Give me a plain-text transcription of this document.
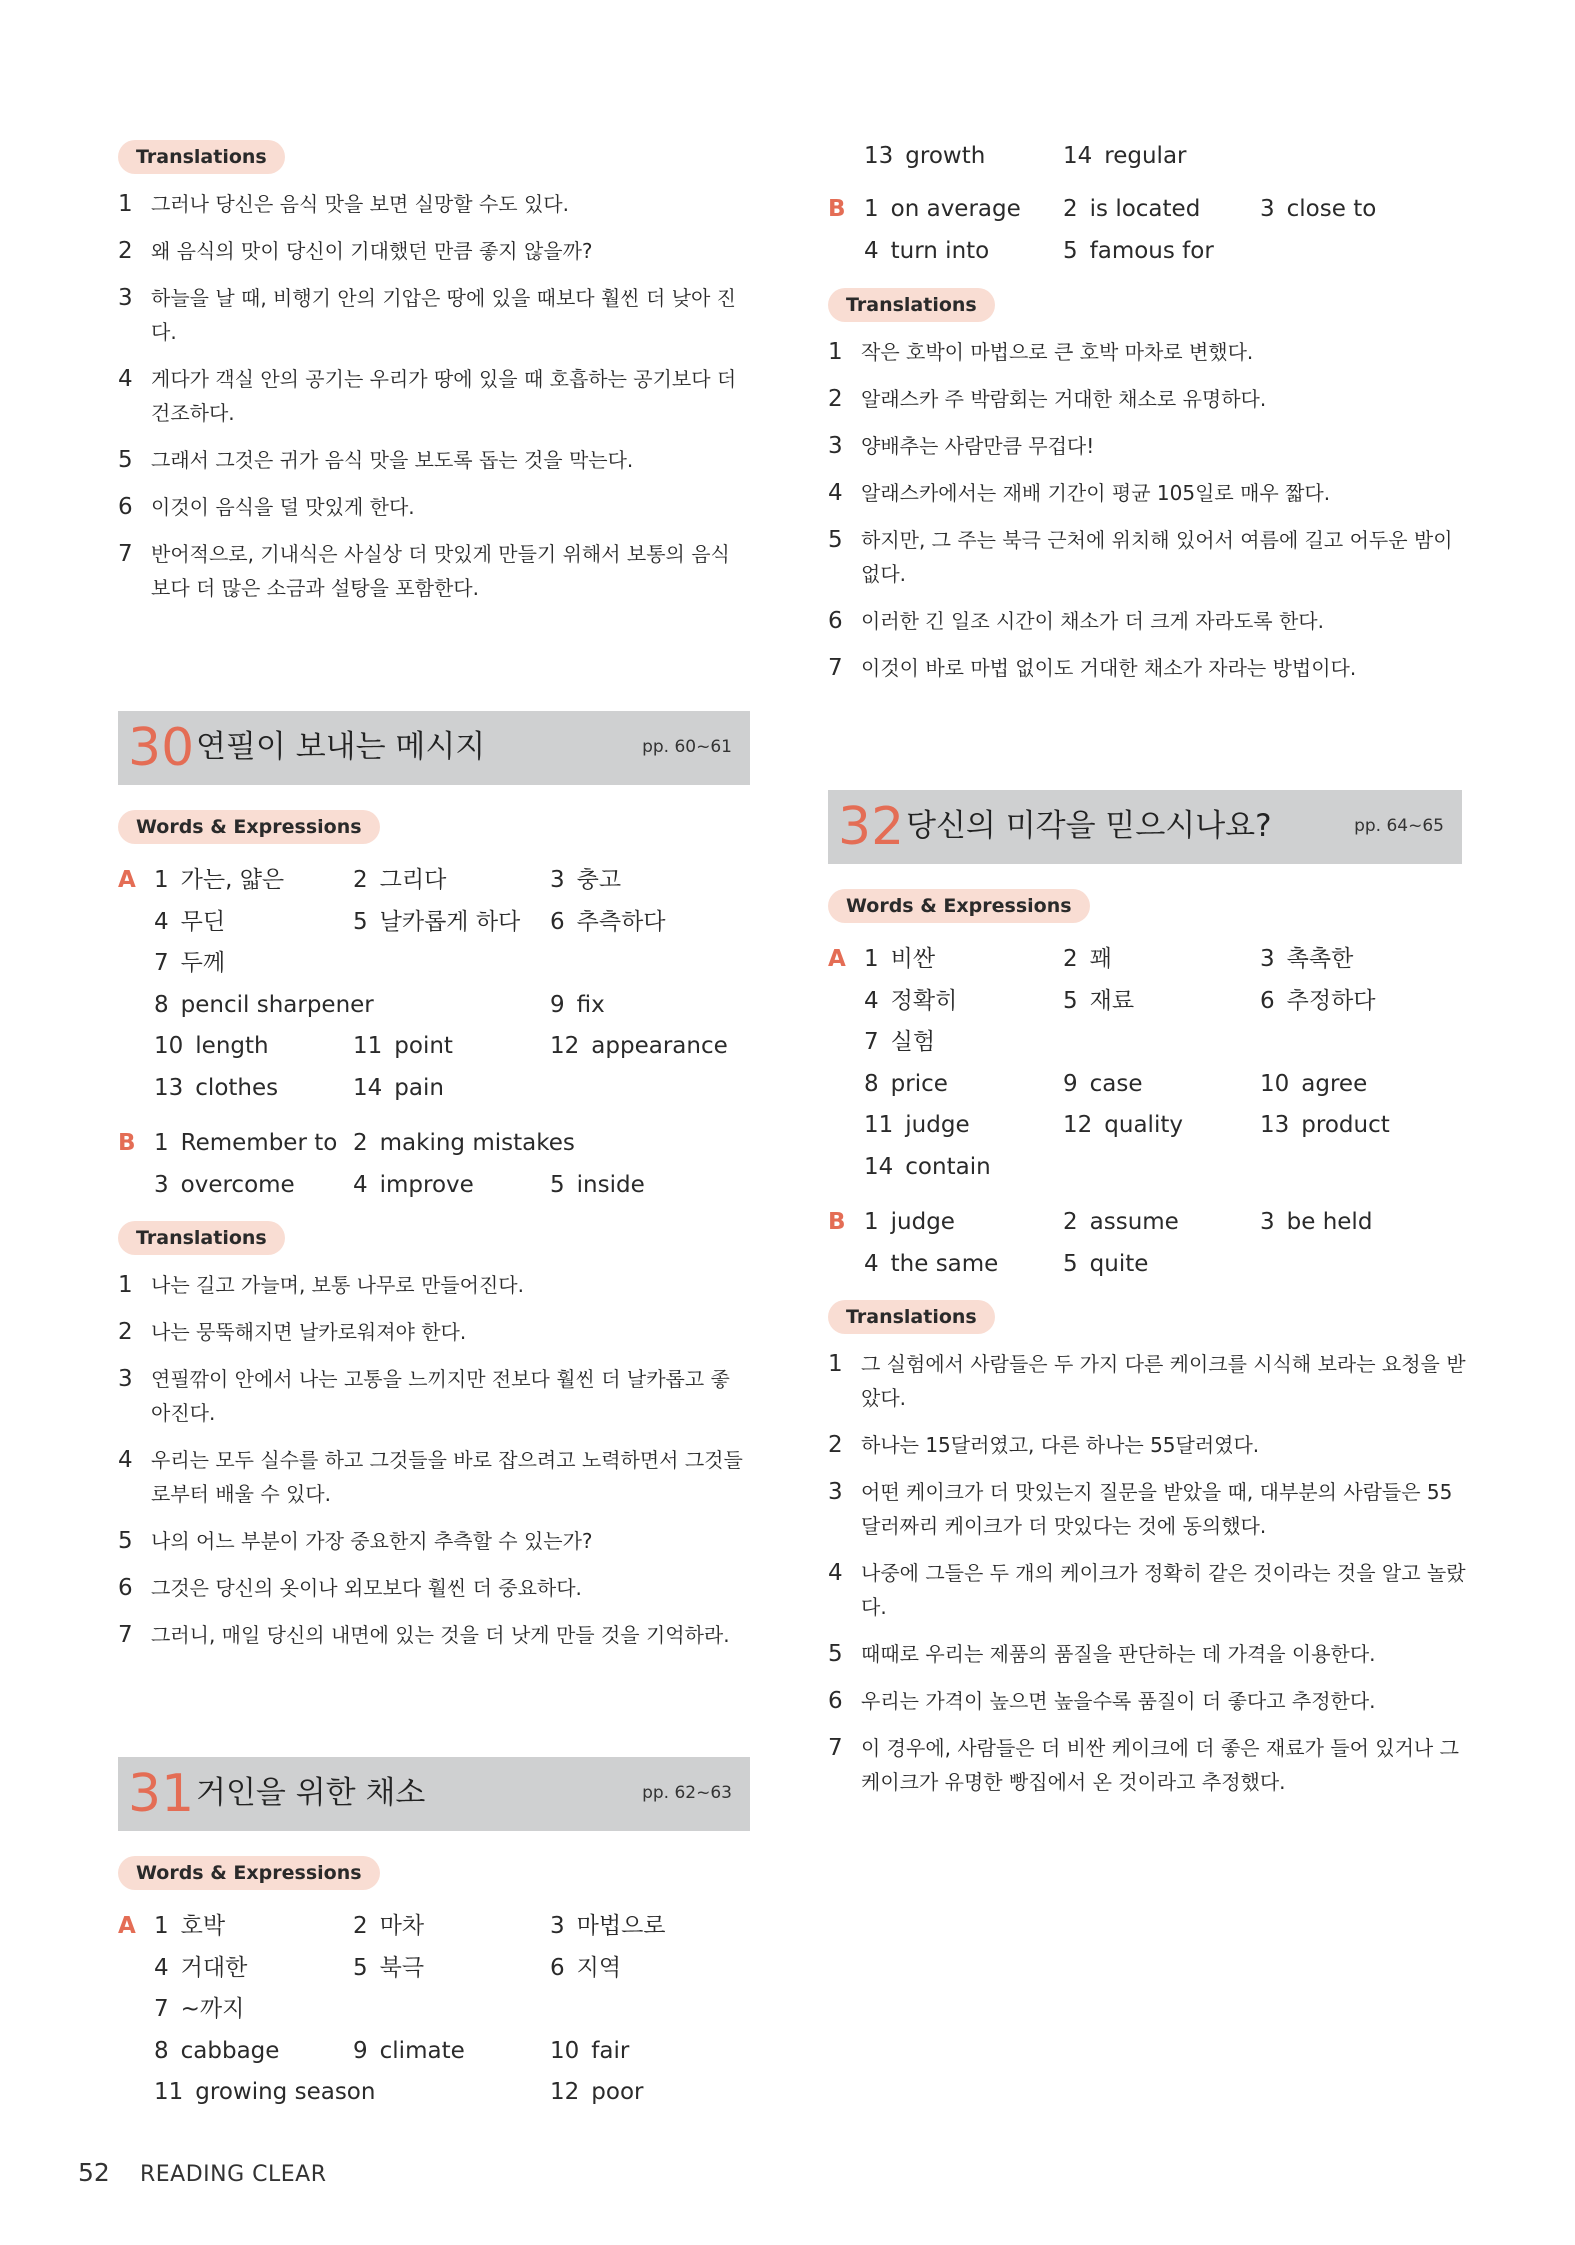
Translations
1 그러나 당신은 음식 맛을 보면 실망할 수도 있다.
2 왜 음식의 맛이 당신이 기대했던 만큼 좋지 않을까?
3 하늘을 날 때, 비행기 안의 기압은 땅에 있을 때보다 훨씬 더 낮아 진다.
4 게다가 객실 안의 공기는 우리가 땅에 있을 때 호흡하는 공기보다 더 건조하다.
5 그래서 그것은 귀가 음식 맛을 보도록 돕는 것을 막는다.
6 이것이 음식을 덜 맛있게 한다.
7 반어적으로, 기내식은 사실상 더 맛있게 만들기 위해서 보통의 음식보다 더 많은 소금과 설탕을 포함한다.
30 연필이 보내는 메시지	pp. 60~61
Words & Expressions
A 1 가는, 얇은	2 그리다	3 충고
4 무딘	5 날카롭게 하다 6 추측하다
7 두께
8 pencil sharpener	9 fix
10 length	11 point	12 appearance
13 clothes	14 pain
B 1 Remember to 2 making mistakes
3 overcome	4 improve	5 inside
Translations
1 나는 길고 가늘며, 보통 나무로 만들어진다.
2 나는 뭉뚝해지면 날카로워져야 한다.
3 연필깎이 안에서 나는 고통을 느끼지만 전보다 훨씬 더 날카롭고 좋아진다.
4 우리는 모두 실수를 하고 그것들을 바로 잡으려고 노력하면서 그것들로부터 배울 수 있다.
5 나의 어느 부분이 가장 중요한지 추측할 수 있는가?
6 그것은 당신의 옷이나 외모보다 훨씬 더 중요하다.
7 그러니, 매일 당신의 내면에 있는 것을 더 낫게 만들 것을 기억하라.
31 거인을 위한 채소	pp. 62~63
Words & Expressions
A 1 호박	2 마차	3 마법으로
4 거대한	5 북극	6 지역
7 ~까지
8 cabbage	9 climate	10 fair
11 growing season	12 poor
13 growth	14 regular
B 1 on average 2 is located	3 close to
4 turn into	5 famous for
Translations
1 작은 호박이 마법으로 큰 호박 마차로 변했다.
2 알래스카 주 박람회는 거대한 채소로 유명하다.
3 양배추는 사람만큼 무겁다!
4 알래스카에서는 재배 기간이 평균 105일로 매우 짧다.
5 하지만, 그 주는 북극 근처에 위치해 있어서 여름에 길고 어두운 밤이 없다.
6 이러한 긴 일조 시간이 채소가 더 크게 자라도록 한다.
7 이것이 바로 마법 없이도 거대한 채소가 자라는 방법이다.
32 당신의 미각을 믿으시나요?	pp. 64~65
Words & Expressions
A 1 비싼	2 꽤	3 촉촉한
4 정확히	5 재료	6 추정하다
7 실험
8 price	9 case	10 agree
11 judge	12 quality	13 product
14 contain
B 1 judge	2 assume	3 be held
4 the same	5 quite
Translations
1 그 실험에서 사람들은 두 가지 다른 케이크를 시식해 보라는 요청을 받았다.
2 하나는 15달러였고, 다른 하나는 55달러였다.
3 어떤 케이크가 더 맛있는지 질문을 받았을 때, 대부분의 사람들은 55달러짜리 케이크가 더 맛있다는 것에 동의했다.
4 나중에 그들은 두 개의 케이크가 정확히 같은 것이라는 것을 알고 놀랐다.
5 때때로 우리는 제품의 품질을 판단하는 데 가격을 이용한다.
6 우리는 가격이 높으면 높을수록 품질이 더 좋다고 추정한다.
7 이 경우에, 사람들은 더 비싼 케이크에 더 좋은 재료가 들어 있거나 그 케이크가 유명한 빵집에서 온 것이라고 추정했다.
52 READING CLEAR
